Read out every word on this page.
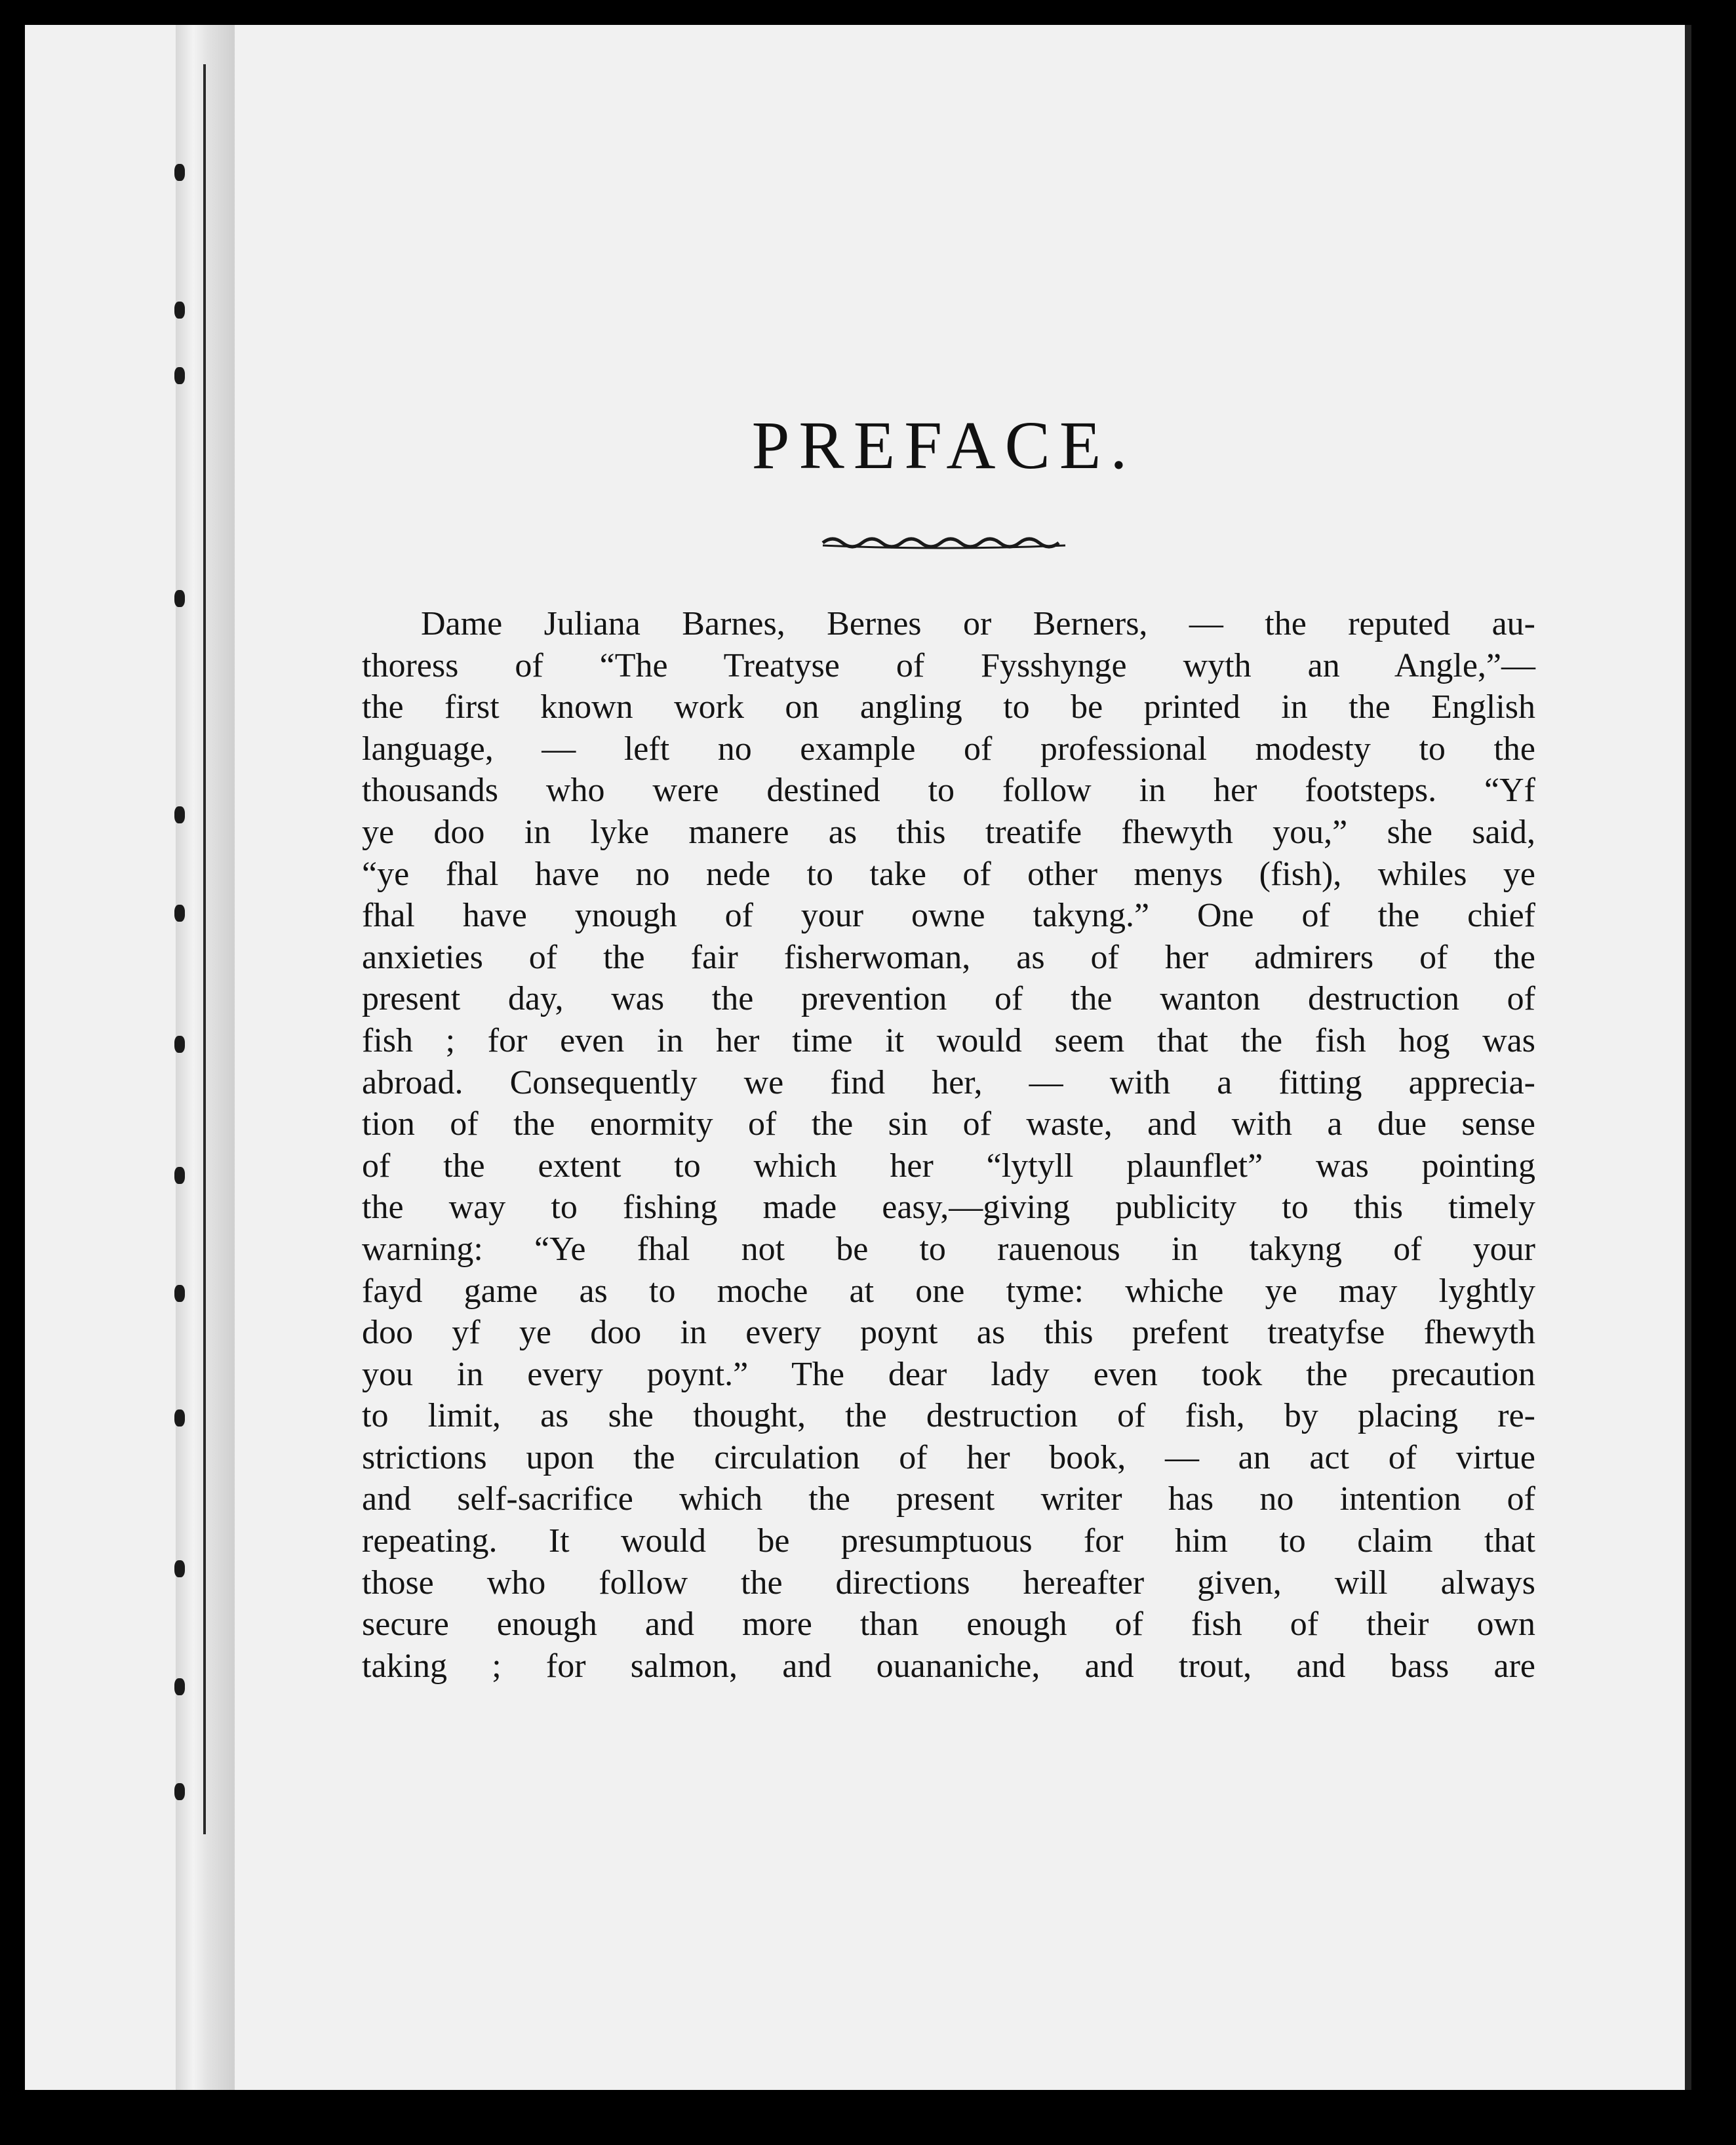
PREFACE.
Dame Juliana Barnes, Bernes or Berners, — the reputed au-
thoress of “The Treatyse of Fysshynge wyth an Angle,”—
the first known work on angling to be printed in the English
language, — left no example of professional modesty to the
thousands who were destined to follow in her footsteps. “Yf
ye doo in lyke manere as this treatife fhewyth you,” she said,
“ye fhal have no nede to take of other menys (fish), whiles ye
fhal have ynough of your owne takyng.” One of the chief
anxieties of the fair fisherwoman, as of her admirers of the
present day, was the prevention of the wanton destruction of
fish ; for even in her time it would seem that the fish hog was
abroad. Consequently we find her, — with a fitting apprecia-
tion of the enormity of the sin of waste, and with a due sense
of the extent to which her “lytyll plaunflet” was pointing
the way to fishing made easy,—giving publicity to this timely
warning: “Ye fhal not be to rauenous in takyng of your
fayd game as to moche at one tyme: whiche ye may lyghtly
doo yf ye doo in every poynt as this prefent treatyfse fhewyth
you in every poynt.” The dear lady even took the precaution
to limit, as she thought, the destruction of fish, by placing re-
strictions upon the circulation of her book, — an act of virtue
and self-sacrifice which the present writer has no intention of
repeating. It would be presumptuous for him to claim that
those who follow the directions hereafter given, will always
secure enough and more than enough of fish of their own
taking ; for salmon, and ouananiche, and trout, and bass are
